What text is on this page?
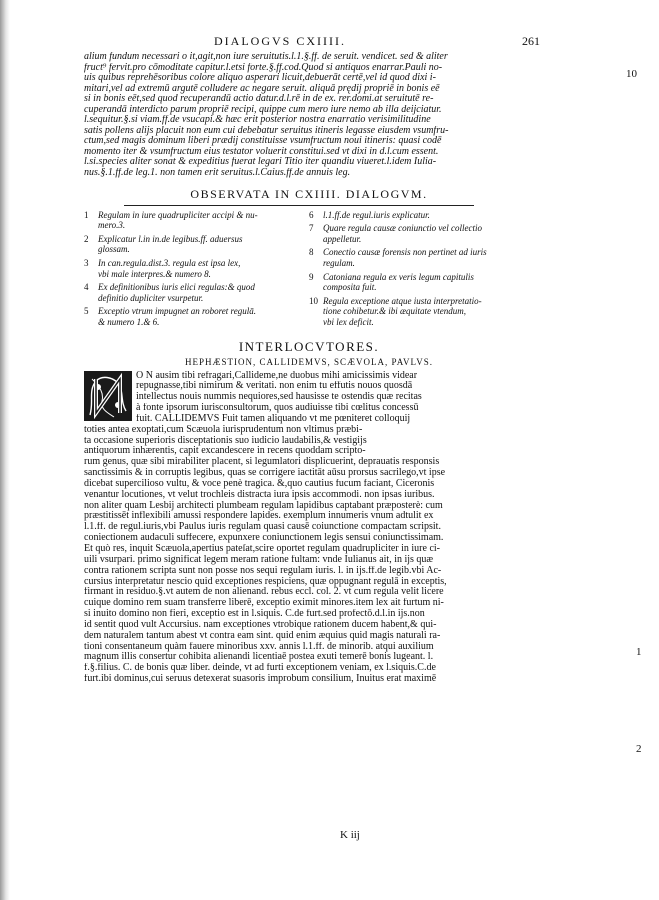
DIALOGVS CXIIII.	261
alium fundum necessari o it,agit,non iure seruitutis.l.1.§.ff. de seruit. vendicet. sed & aliter
fruct⁹ fervit.pro cōmoditate capitur.l.etsi forte.§.ff.cod.Quod si antiquos enarrar.Pauli no-
uis quibus reprehēsoribus colore aliquo asperari licuit,debuerāt certē,vel id quod dixi i-
mitari,vel ad extremū argutē colludere ac negare seruit. aliquā prędij propriē in bonis eē
si in bonis eēt,sed quod recuperandū actio datur.d.l.rē in de ex. rer.domi.at seruitutē re-
cuperandā interdicto parum propriē recipi, quippe cum mero iure nemo ab illa deijciatur.
l.sequitur.§.si viam.ff.de vsucapi.& hæc erit posterior nostra enarratio verisimilitudine
satis pollens alijs placuit non eum cui debebatur seruitus itineris legasse eiusdem vsumfru-
ctum,sed magis dominum liberi prædij constituisse vsumfructum noui itineris: quasi codē
momento iter & vsumfructum eius testator voluerit constitui.sed vt dixi in d.l.cum essent.
l.si.species aliter sonat & expeditius fuerat legari Titio iter quandiu viueret.l.idem Iulia-
nus.§.1.ff.de leg.1. non tamen erit seruitus.l.Caius.ff.de annuis leg.
OBSERVATA IN CXIIII. DIALOGVM.
1	Regulam in iure quadrupliciter accipi & nu-
mero.3.
2	Explicatur l.in in.de legibus.ff. aduersus
glossam.
3	In can.regula.dist.3. regula est ipsa lex,
vbi male interpres.& numero 8.
4	Ex definitionibus iuris elici regulas:& quod
definitio dupliciter vsurpetur.
5	Exceptio vtrum impugnet an roboret regulā.
& numero 1.& 6.
6	l.1.ff.de regul.iuris explicatur.
7	Quare regula causæ coniunctio vel collectio
appelletur.
8	Conectio causæ forensis non pertinet ad iuris
regulam.
9	Catoniana regula ex veris legum capitulis
composita fuit.
10 Regula exceptione atque iusta interpretatio-
tione cohibetur.& ibi æquitate vtendum,
vbi lex deficit.
INTERLOCVTORES.
HEPHÆSTION, CALLIDEMVS, SCÆVOLA, PAVLVS.
O N ausim tibi refragari,Callideme,ne duobus mihi amicissimis videar
repugnasse,tibi nimirum & veritati. non enim tu effutis nouos quosdā
intellectus nouis nummis nequiores,sed hausisse te ostendis quæ recitas
à fonte ipsorum iurisconsultorum, quos audiuisse tibi cœlitus concessū
fuit. CALLIDEMVS Fuit tamen aliquando vt me pœniteret colloquij
toties antea exoptati,cum Scæuola iurisprudentum non vltimus præbi-
ta occasione superioris disceptationis suo iudicio laudabilis,& vestigijs
antiquorum inhærentis, capit excandescere in recens quoddam scripto-
rum genus, quæ sibi mirabiliter placent, si legumlatori displicuerint, deprauatis responsis
sanctissimis & in corruptis legibus, quas se corrigere iactitāt aūsu prorsus sacrilego,vt ipse
dicebat supercilioso vultu, & voce penè tragica. &,quo cautius fucum faciant, Ciceronis
venantur locutiones, vt velut trochleis distracta iura ipsis accommodi. non ipsas iuribus.
non aliter quam Lesbij architecti plumbeam regulam lapidibus captabant præposterè: cum
præstitissēt inflexibili amussi respondere lapides. exemplum innumeris vnum adtulit ex
l.1.ff. de regul.iuris,vbi Paulus iuris regulam quasi causē coiunctione compactam scripsit.
coniectionem audaculi suffecere, expunxere coniunctionem legis sensui coniunctissimam.
Et quò res, inquit Scæuola,apertius pateſat,scire oportet regulam quadrupliciter in iure ci-
uili vsurpari. primo significat legem meram ratione fultam: vnde Iulianus ait, in ijs quæ
contra rationem scripta sunt non posse nos sequi regulam iuris. l. in ijs.ff.de legib.vbi Ac-
cursius interpretatur nescio quid exceptiones respiciens, quæ oppugnant regulā in exceptis,
firmant in residuo.§.vt autem de non alienand. rebus eccl. col. 2. vt cum regula velit licere
cuique domino rem suam transferre liberē, exceptio eximit minores.item lex ait furtum ni-
si inuito domino non fieri, exceptio est in l.siquis. C.de furt.sed profectō.d.l.in ijs.non
id sentit quod vult Accursius. nam exceptiones vtrobique rationem ducem habent,& qui-
dem naturalem tantum abest vt contra eam sint. quid enim æquius quid magis naturali ra-
tioni consentaneum quàm fauere minoribus xxv. annis l.1.ff. de minorib. atqui auxilium
magnum illis consertur cohibita alienandi licentiaē postea exuti temerē bonis lugeant. l.
f.§.filius. C. de bonis quæ liber. deinde, vt ad furti exceptionem veniam, ex l.siquis.C.de
furt.ibi dominus,cui seruus detexerat suasoris improbum consilium, Inuitus erat maximē
10
1
2
K iij
